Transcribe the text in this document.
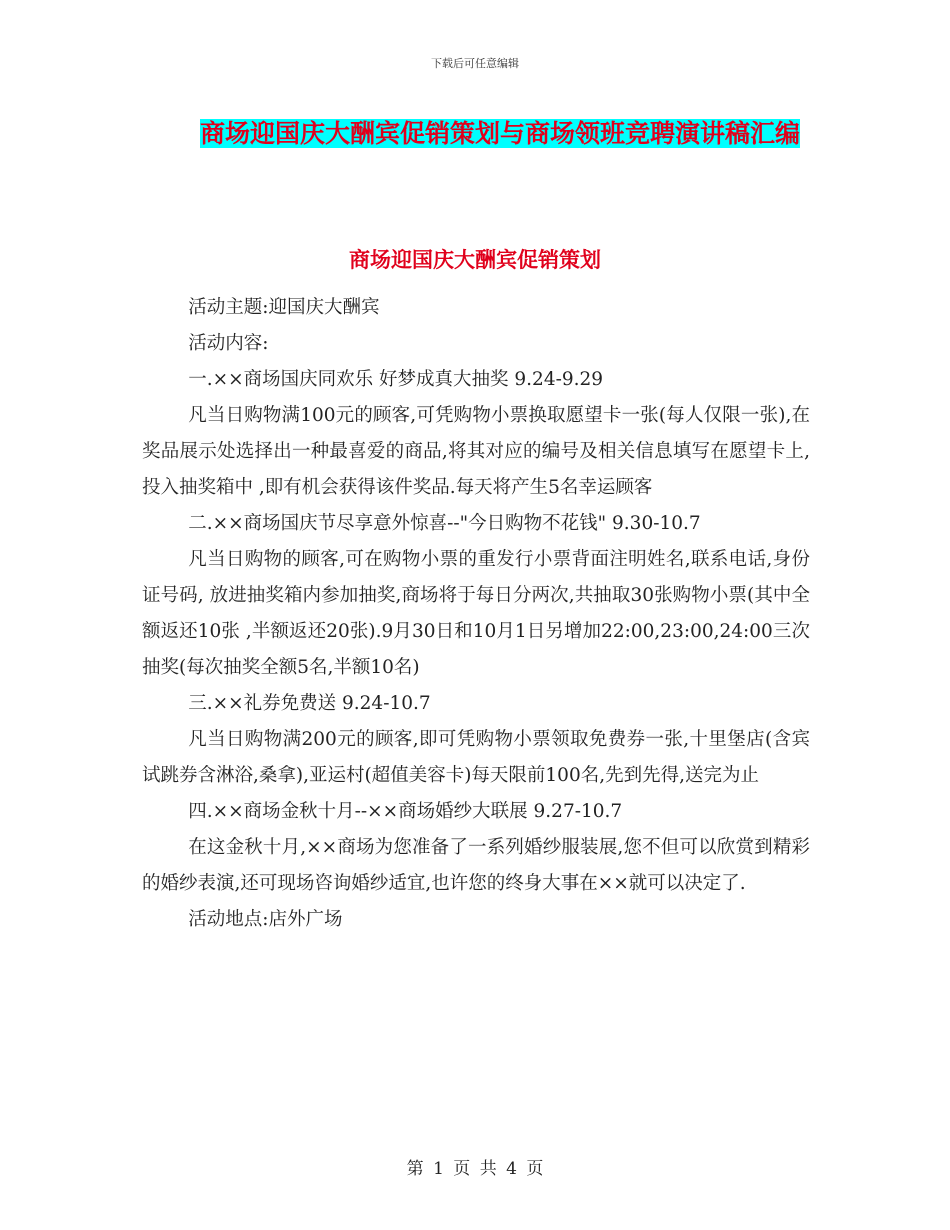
下载后可任意编辑
商场迎国庆大酬宾促销策划与商场领班竞聘演讲稿汇编
商场迎国庆大酬宾促销策划

活动主题:迎国庆大酬宾

活动内容:

一.××商场国庆同欢乐 好梦成真大抽奖 9.24-9.29

凡当日购物满100元的顾客,可凭购物小票换取愿望卡一张(每人仅限一张),在奖品展示处选择出一种最喜爱的商品,将其对应的编号及相关信息填写在愿望卡上,投入抽奖箱中 ,即有机会获得该件奖品.每天将产生5名幸运顾客

二.××商场国庆节尽享意外惊喜--"今日购物不花钱" 9.30-10.7

凡当日购物的顾客,可在购物小票的重发行小票背面注明姓名,联系电话,身份证号码, 放进抽奖箱内参加抽奖,商场将于每日分两次,共抽取30张购物小票(其中全额返还10张 ,半额返还20张).9月30日和10月1日另增加22:00,23:00,24:00三次抽奖(每次抽奖全额5名,半额10名)

三.××礼券免费送 9.24-10.7

凡当日购物满200元的顾客,即可凭购物小票领取免费券一张,十里堡店(含宾试跳券含淋浴,桑拿),亚运村(超值美容卡)每天限前100名,先到先得,送完为止

四.××商场金秋十月--××商场婚纱大联展 9.27-10.7

在这金秋十月,××商场为您准备了一系列婚纱服装展,您不但可以欣赏到精彩的婚纱表演,还可现场咨询婚纱适宜,也许您的终身大事在××就可以决定了.

活动地点:店外广场

第 1 页 共 4 页
